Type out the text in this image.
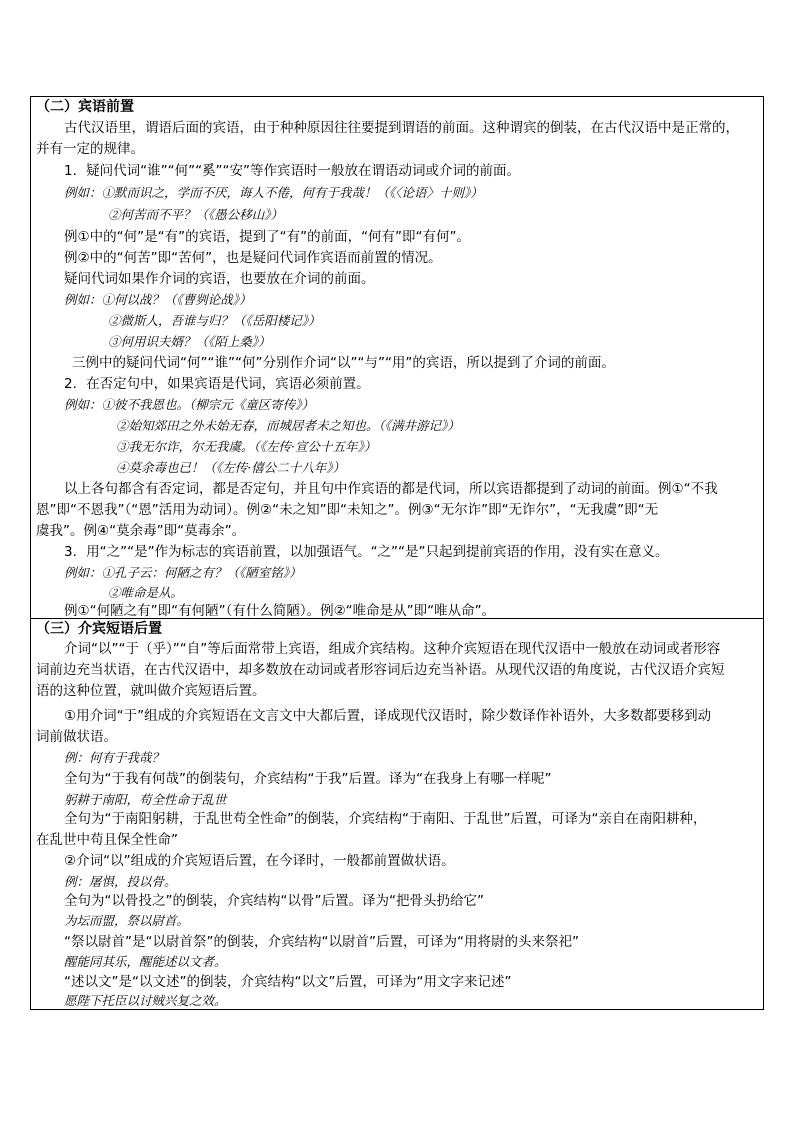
（二）宾语前置
古代汉语里，谓语后面的宾语，由于种种原因往往要提到谓语的前面。这种谓宾的倒装，在古代汉语中是正常的，
并有一定的规律。
1．疑问代词“谁”“何”“奚”“安”等作宾语时一般放在谓语动词或介词的前面。
例如：①默而识之，学而不厌，诲人不倦，何有于我哉！（《〈论语〉十则》）
②何苦而不平？（《愚公移山》）
例①中的“何”是“有”的宾语，提到了“有”的前面，“何有”即“有何”。
例②中的“何苦”即“苦何”，也是疑问代词作宾语而前置的情况。
疑问代词如果作介词的宾语，也要放在介词的前面。
例如：①何以战？（《曹刿论战》）
②微斯人，吾谁与归？（《岳阳楼记》）
③何用识夫婿？（《陌上桑》）
三例中的疑问代词“何”“谁”“何”分别作介词“以”“与”“用”的宾语，所以提到了介词的前面。
2．在否定句中，如果宾语是代词，宾语必须前置。
例如：①彼不我恩也。（柳宗元《童区寄传》）
②始知郊田之外未始无春，而城居者未之知也。（《满井游记》）
③我无尔诈，尔无我虞。（《左传·宣公十五年》）
④莫余毒也已！（《左传·僖公二十八年》）
以上各句都含有否定词，都是否定句，并且句中作宾语的都是代词，所以宾语都提到了动词的前面。例①“不我
恩”即“不恩我”（“恩”活用为动词）。例②“未之知”即“未知之”。例③“无尔诈”即“无诈尔”，“无我虞”即“无
虞我”。例④“莫余毒”即“莫毒余”。
3．用“之”“是”作为标志的宾语前置，以加强语气。“之”“是”只起到提前宾语的作用，没有实在意义。
例如：①孔子云：何陋之有？（《陋室铭》）
②唯命是从。
例①“何陋之有”即“有何陋”（有什么简陋）。例②“唯命是从”即“唯从命”。
（三）介宾短语后置
介词“以”“于（乎）”“自”等后面常带上宾语，组成介宾结构。这种介宾短语在现代汉语中一般放在动词或者形容
词前边充当状语，在古代汉语中，却多数放在动词或者形容词后边充当补语。从现代汉语的角度说，古代汉语介宾短
语的这种位置，就叫做介宾短语后置。
①用介词“于”组成的介宾短语在文言文中大都后置，译成现代汉语时，除少数译作补语外，大多数都要移到动
词前做状语。
例：何有于我哉？
全句为“于我有何哉”的倒装句，介宾结构“于我”后置。译为“在我身上有哪一样呢”
躬耕于南阳，苟全性命于乱世
全句为“于南阳躬耕，于乱世苟全性命”的倒装，介宾结构“于南阳、于乱世”后置，可译为“亲自在南阳耕种，
在乱世中苟且保全性命”
②介词“以”组成的介宾短语后置，在今译时，一般都前置做状语。
例：屠惧，投以骨。
全句为“以骨投之”的倒装，介宾结构“以骨”后置。译为“把骨头扔给它”
为坛而盟，祭以尉首。
“祭以尉首”是“以尉首祭”的倒装，介宾结构“以尉首”后置，可译为“用将尉的头来祭祀”
醒能同其乐，醒能述以文者。
“述以文”是“以文述”的倒装，介宾结构“以文”后置，可译为“用文字来记述”
愿陛下托臣以讨贼兴复之效。
